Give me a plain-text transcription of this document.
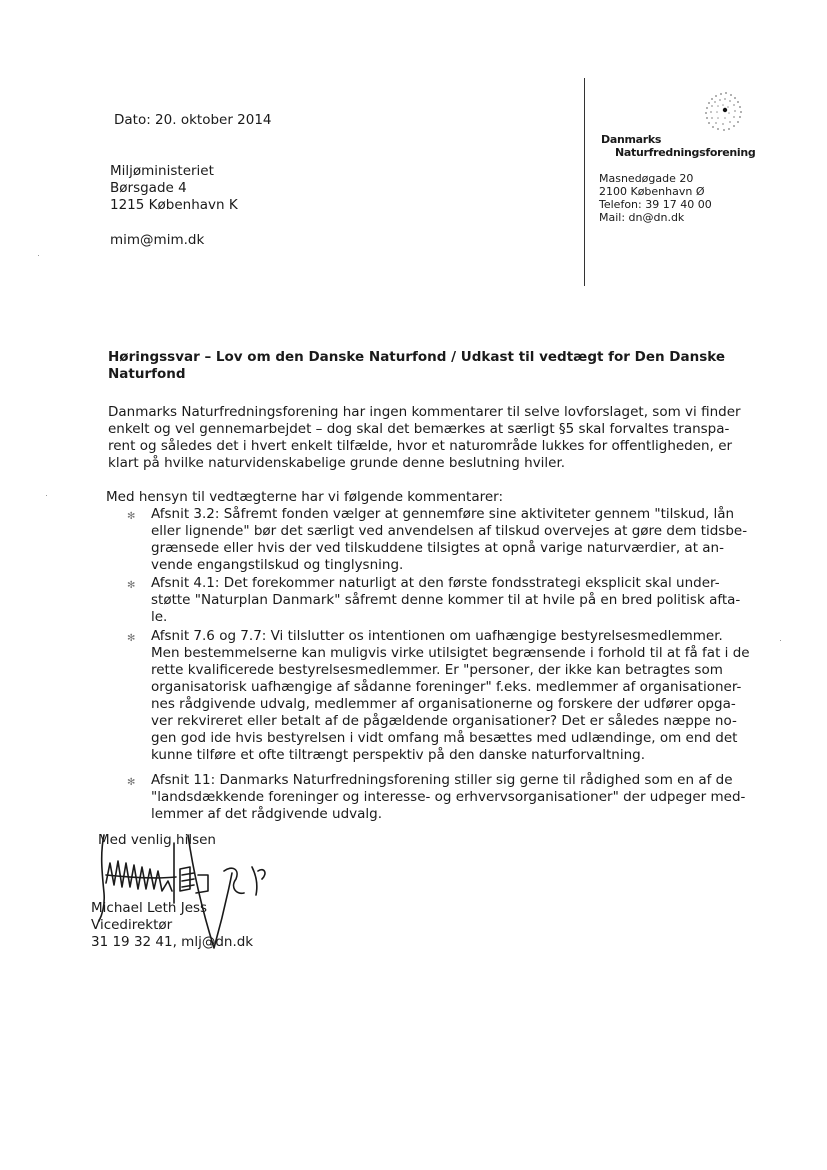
Dato: 20. oktober 2014
Miljøministeriet
Børsgade 4
1215 København K
mim@mim.dk
Danmarks
Naturfredningsforening
Masnedøgade 20
2100 København Ø
Telefon: 39 17 40 00
Mail: dn@dn.dk
Høringssvar – Lov om den Danske Naturfond / Udkast til vedtægt for Den Danske
Naturfond
Danmarks Naturfredningsforening har ingen kommentarer til selve lovforslaget, som vi finder
enkelt og vel gennemarbejdet – dog skal det bemærkes at særligt §5 skal forvaltes transpa-
rent og således det i hvert enkelt tilfælde, hvor et naturområde lukkes for offentligheden, er
klart på hvilke naturvidenskabelige grunde denne beslutning hviler.
Med hensyn til vedtægterne har vi følgende kommentarer:
✻ Afsnit 3.2: Såfremt fonden vælger at gennemføre sine aktiviteter gennem "tilskud, lån
eller lignende" bør det særligt ved anvendelsen af tilskud overvejes at gøre dem tidsbe-
grænsede eller hvis der ved tilskuddene tilsigtes at opnå varige naturværdier, at an-
vende engangstilskud og tinglysning.
✻ Afsnit 4.1: Det forekommer naturligt at den første fondsstrategi eksplicit skal under-
støtte "Naturplan Danmark" såfremt denne kommer til at hvile på en bred politisk afta-
le.
✻ Afsnit 7.6 og 7.7: Vi tilslutter os intentionen om uafhængige bestyrelsesmedlemmer.
Men bestemmelserne kan muligvis virke utilsigtet begrænsende i forhold til at få fat i de
rette kvalificerede bestyrelsesmedlemmer. Er "personer, der ikke kan betragtes som
organisatorisk uafhængige af sådanne foreninger" f.eks. medlemmer af organisationer-
nes rådgivende udvalg, medlemmer af organisationerne og forskere der udfører opga-
ver rekvireret eller betalt af de pågældende organisationer? Det er således næppe no-
gen god ide hvis bestyrelsen i vidt omfang må besættes med udlændinge, om end det
kunne tilføre et ofte tiltrængt perspektiv på den danske naturforvaltning.
✻ Afsnit 11: Danmarks Naturfredningsforening stiller sig gerne til rådighed som en af de
"landsdækkende foreninger og interesse- og erhvervsorganisationer" der udpeger med-
lemmer af det rådgivende udvalg.
Med venlig hilsen
Michael Leth Jess
Vicedirektør
31 19 32 41, mlj@dn.dk
